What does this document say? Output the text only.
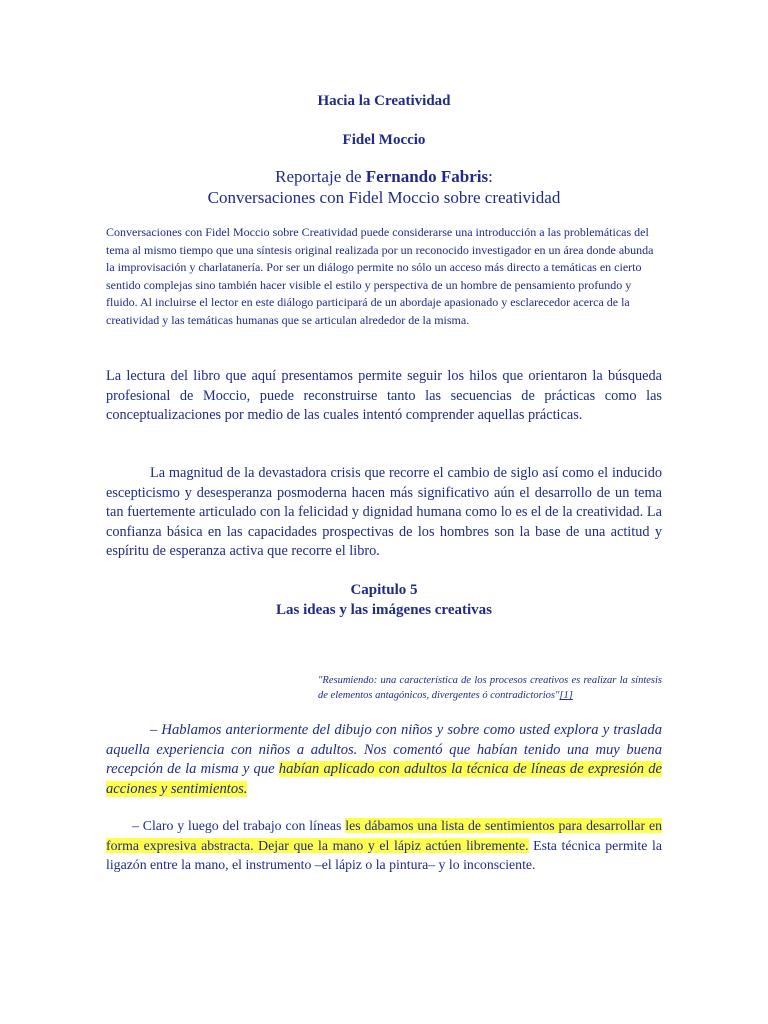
Hacia la Creatividad
Fidel Moccio
Reportaje de Fernando Fabris:
Conversaciones con Fidel Moccio sobre creatividad

Conversaciones con Fidel Moccio sobre Creatividad puede considerarse una introducción a las problemáticas del tema al mismo tiempo que una síntesis original realizada por un reconocido investigador en un área donde abunda la improvisación y charlatanería. Por ser un diálogo permite no sólo un acceso más directo a temáticas en cierto sentido complejas sino también hacer visible el estilo y perspectiva de un hombre de pensamiento profundo y fluido. Al incluirse el lector en este diálogo participará de un abordaje apasionado y esclarecedor acerca de la creatividad y las temáticas humanas que se articulan alrededor de la misma.

La lectura del libro que aquí presentamos permite seguir los hilos que orientaron la búsqueda profesional de Moccio, puede reconstruirse tanto las secuencias de prácticas como las conceptualizaciones por medio de las cuales intentó comprender aquellas prácticas.

La magnitud de la devastadora crisis que recorre el cambio de siglo así como el inducido escepticismo y desesperanza posmoderna hacen más significativo aún el desarrollo de un tema tan fuertemente articulado con la felicidad y dignidad humana como lo es el de la creatividad. La confianza básica en las capacidades prospectivas de los hombres son la base de una actitud y espíritu de esperanza activa que recorre el libro.

Capitulo 5
Las ideas y las imágenes creativas

"Resumiendo: una característica de los procesos creativos es realizar la síntesis de elementos antagónicos, divergentes ó contradictorios"[1]

– Hablamos anteriormente del dibujo con niños y sobre como usted explora y traslada aquella experiencia con niños a adultos. Nos comentó que habían tenido una muy buena recepción de la misma y que habían aplicado con adultos la técnica de líneas de expresión de acciones y sentimientos.

– Claro y luego del trabajo con líneas les dábamos una lista de sentimientos para desarrollar en forma expresiva abstracta. Dejar que la mano y el lápiz actúen libremente. Esta técnica permite la ligazón entre la mano, el instrumento –el lápiz o la pintura– y lo inconsciente.
